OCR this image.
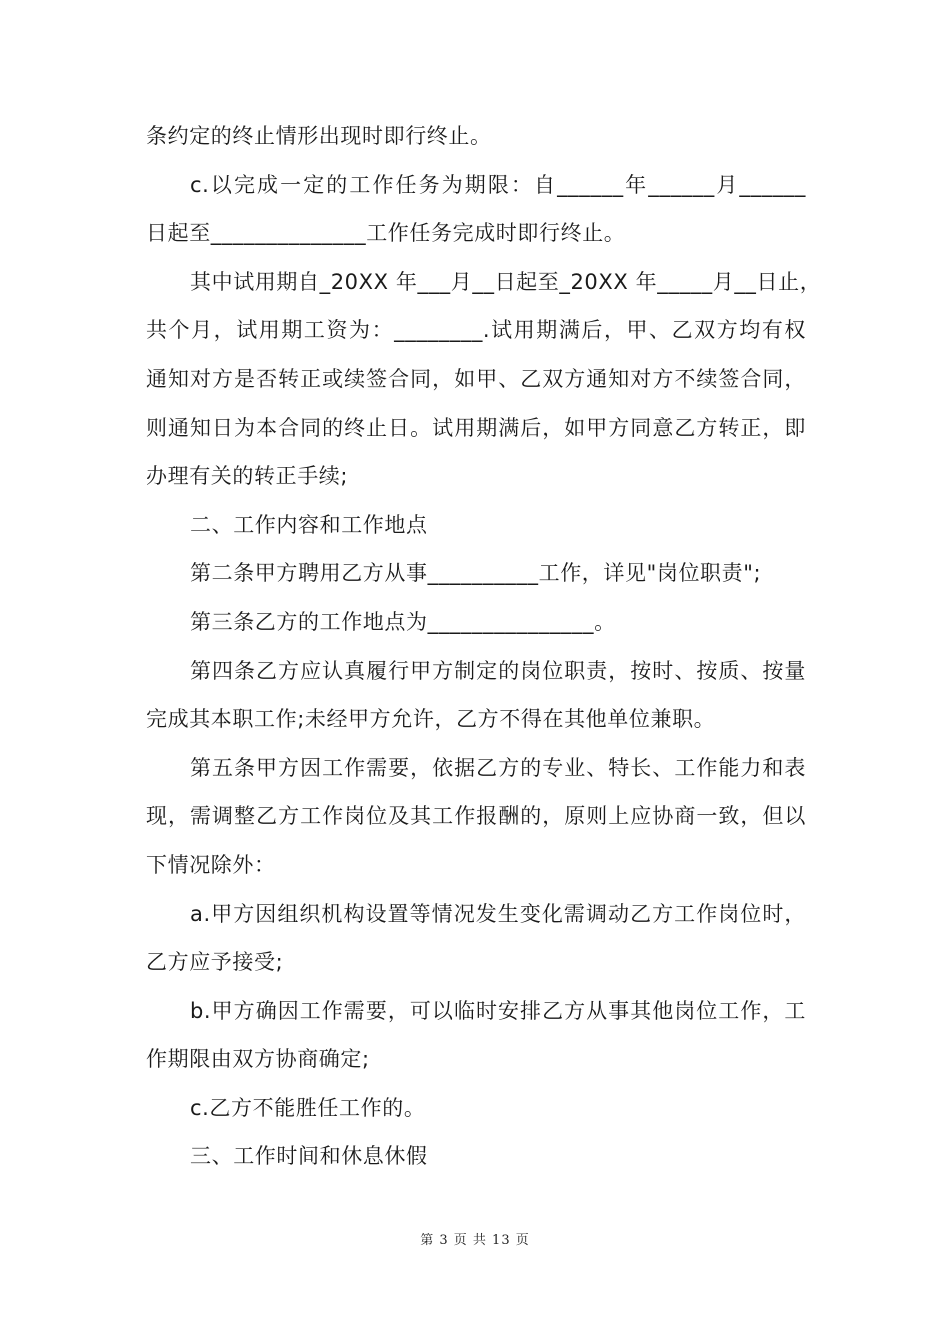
条约定的终止情形出现时即行终止。
c.以完成一定的工作任务为期限：自______年______月______
日起至______________工作任务完成时即行终止。
其中试用期自_20XX 年___月__日起至_20XX 年_____月__日止，
共个月，试用期工资为：________.试用期满后，甲、乙双方均有权
通知对方是否转正或续签合同，如甲、乙双方通知对方不续签合同，
则通知日为本合同的终止日。试用期满后，如甲方同意乙方转正，即
办理有关的转正手续;
二、工作内容和工作地点
第二条甲方聘用乙方从事__________工作，详见"岗位职责";
第三条乙方的工作地点为_______________。
第四条乙方应认真履行甲方制定的岗位职责，按时、按质、按量
完成其本职工作;未经甲方允许，乙方不得在其他单位兼职。
第五条甲方因工作需要，依据乙方的专业、特长、工作能力和表
现，需调整乙方工作岗位及其工作报酬的，原则上应协商一致，但以
下情况除外：
a.甲方因组织机构设置等情况发生变化需调动乙方工作岗位时，
乙方应予接受;
b.甲方确因工作需要，可以临时安排乙方从事其他岗位工作，工
作期限由双方协商确定;
c.乙方不能胜任工作的。
三、工作时间和休息休假
第 3 页 共 13 页
